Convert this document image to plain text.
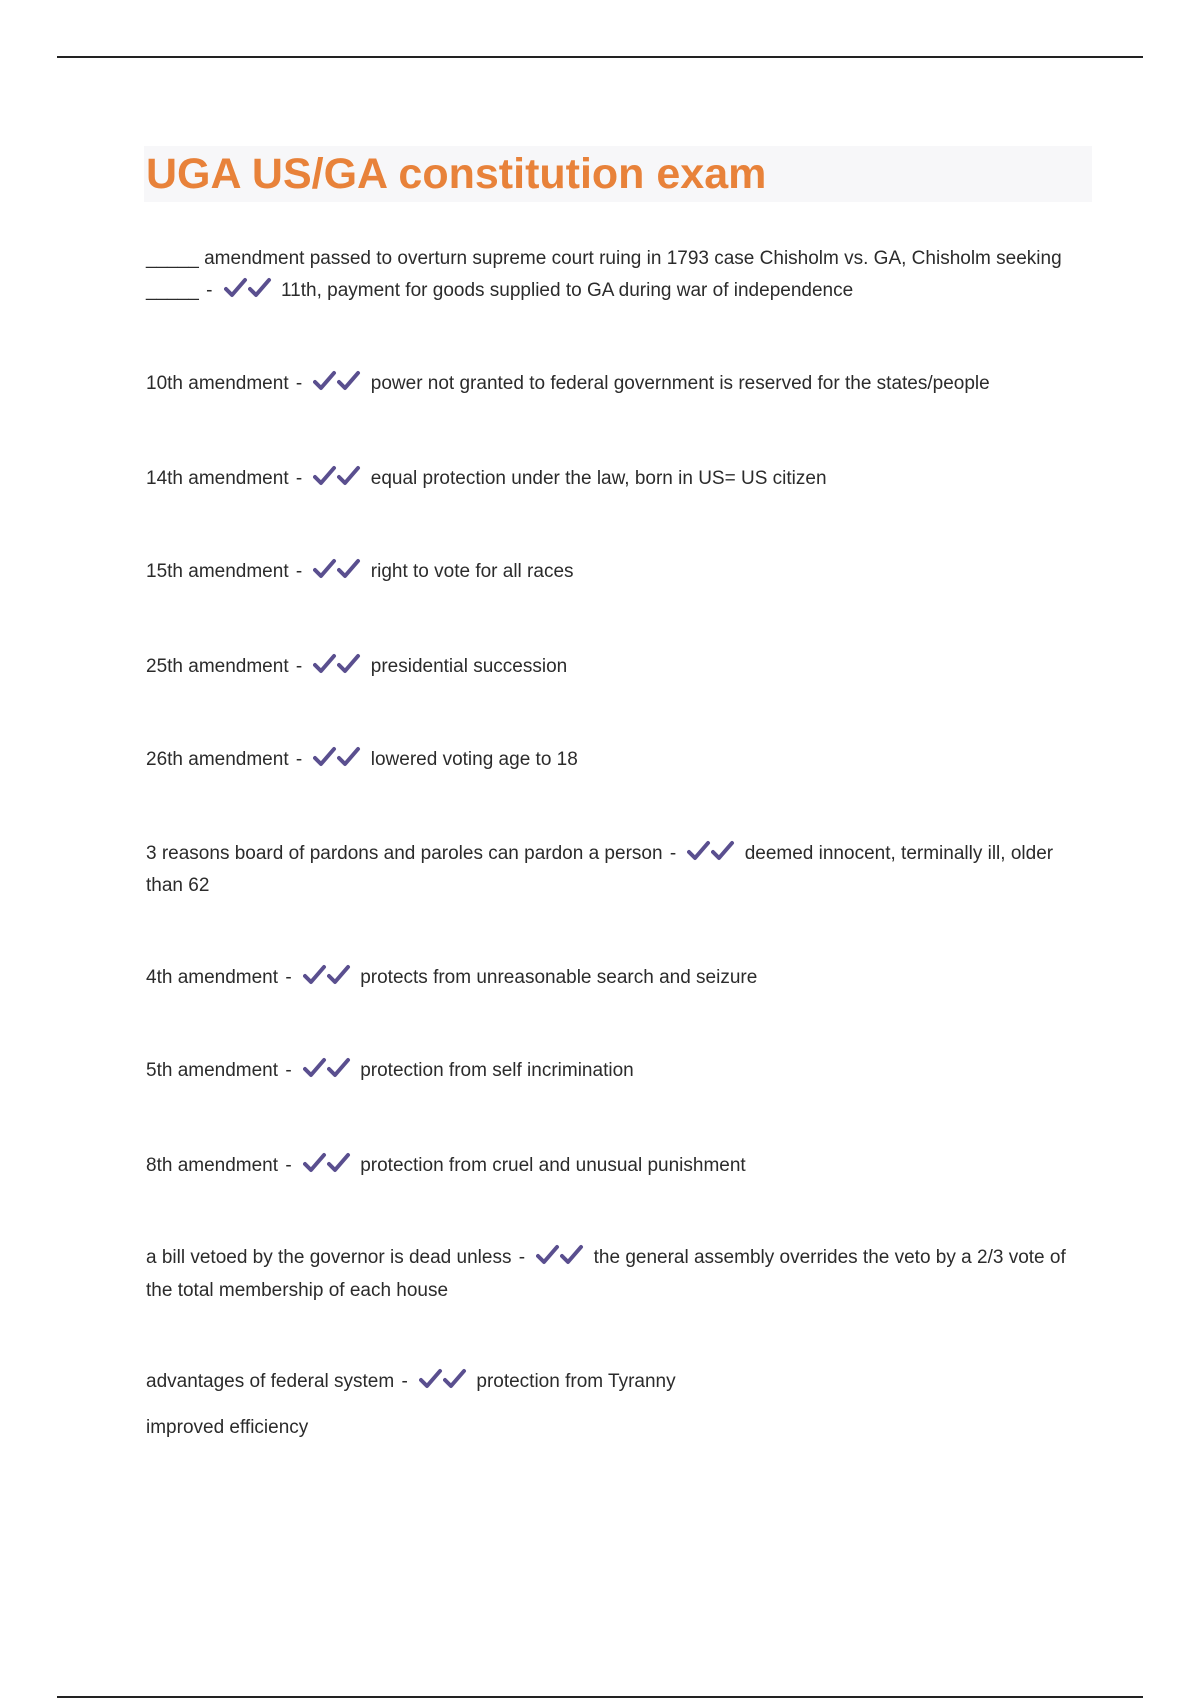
UGA US/GA constitution exam

_____ amendment passed to overturn supreme court ruing in 1793 case Chisholm vs. GA, Chisholm seeking _____ -	11th, payment for goods supplied to GA during war of independence

10th amendment -	power not granted to federal government is reserved for the states/people

14th amendment -	equal protection under the law, born in US= US citizen

15th amendment -	right to vote for all races

25th amendment -	presidential succession

26th amendment -	lowered voting age to 18

3 reasons board of pardons and paroles can pardon a person -	deemed innocent, terminally ill, older than 62

4th amendment -	protects from unreasonable search and seizure

5th amendment -	protection from self incrimination

8th amendment -	protection from cruel and unusual punishment

a bill vetoed by the governor is dead unless -	the general assembly overrides the veto by a 2/3 vote of the total membership of each house

advantages of federal system -	protection from Tyranny

improved efficiency
